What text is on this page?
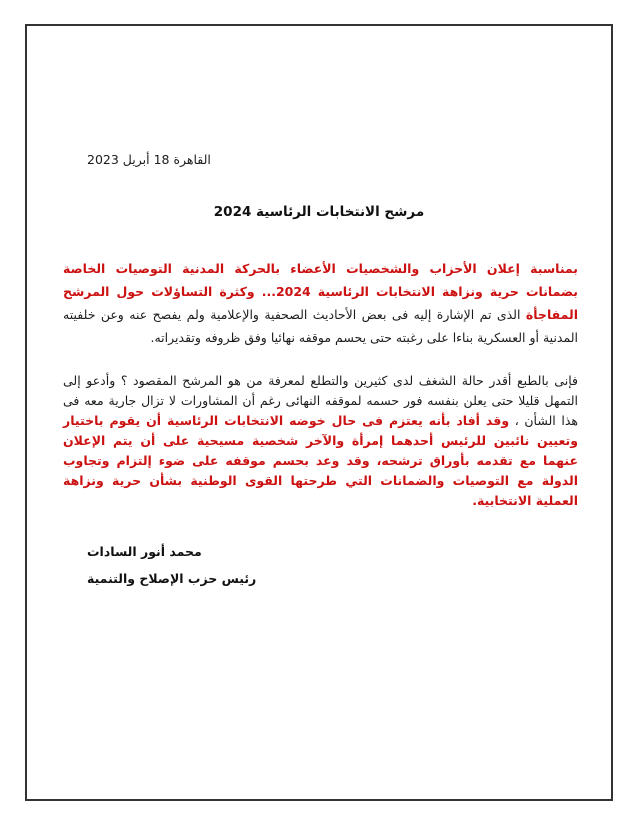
القاهرة 18 أبريل 2023
مرشح الانتخابات الرئاسية 2024

بمناسبة إعلان الأحزاب والشخصيات الأعضاء بالحركة المدنية التوصيات الخاصة بضمانات حرية ونزاهة الانتخابات الرئاسية 2024... وكثرة التساؤلات حول المرشح المفاجأة الذى تم الإشارة إليه فى بعض الأحاديث الصحفية والإعلامية ولم يفصح عنه وعن خلفيته المدنية أو العسكرية بناءا على رغبته حتى يحسم موقفه نهائيا وفق ظروفه وتقديراته.

فإنى بالطبع أقدر حالة الشغف لدى كثيرين والتطلع لمعرفة من هو المرشح المقصود ؟ وأدعو إلى التمهل قليلا حتى يعلن بنفسه فور حسمه لموقفه النهائى رغم أن المشاورات لا تزال جارية معه فى هذا الشأن ، وقد أفاد بأنه يعتزم فى حال خوضه الانتخابات الرئاسية أن يقوم باختيار وتعيين نائبين للرئيس أحدهما إمرأة والآخر شخصية مسيحية على أن يتم الإعلان عنهما مع تقدمه بأوراق ترشحه، وقد وعد بحسم موقفه على ضوء إلتزام وتجاوب الدولة مع التوصيات والضمانات التي طرحتها القوى الوطنية بشأن حرية ونزاهة العملية الانتخابية.

محمد أنور السادات
رئيس حزب الإصلاح والتنمية
